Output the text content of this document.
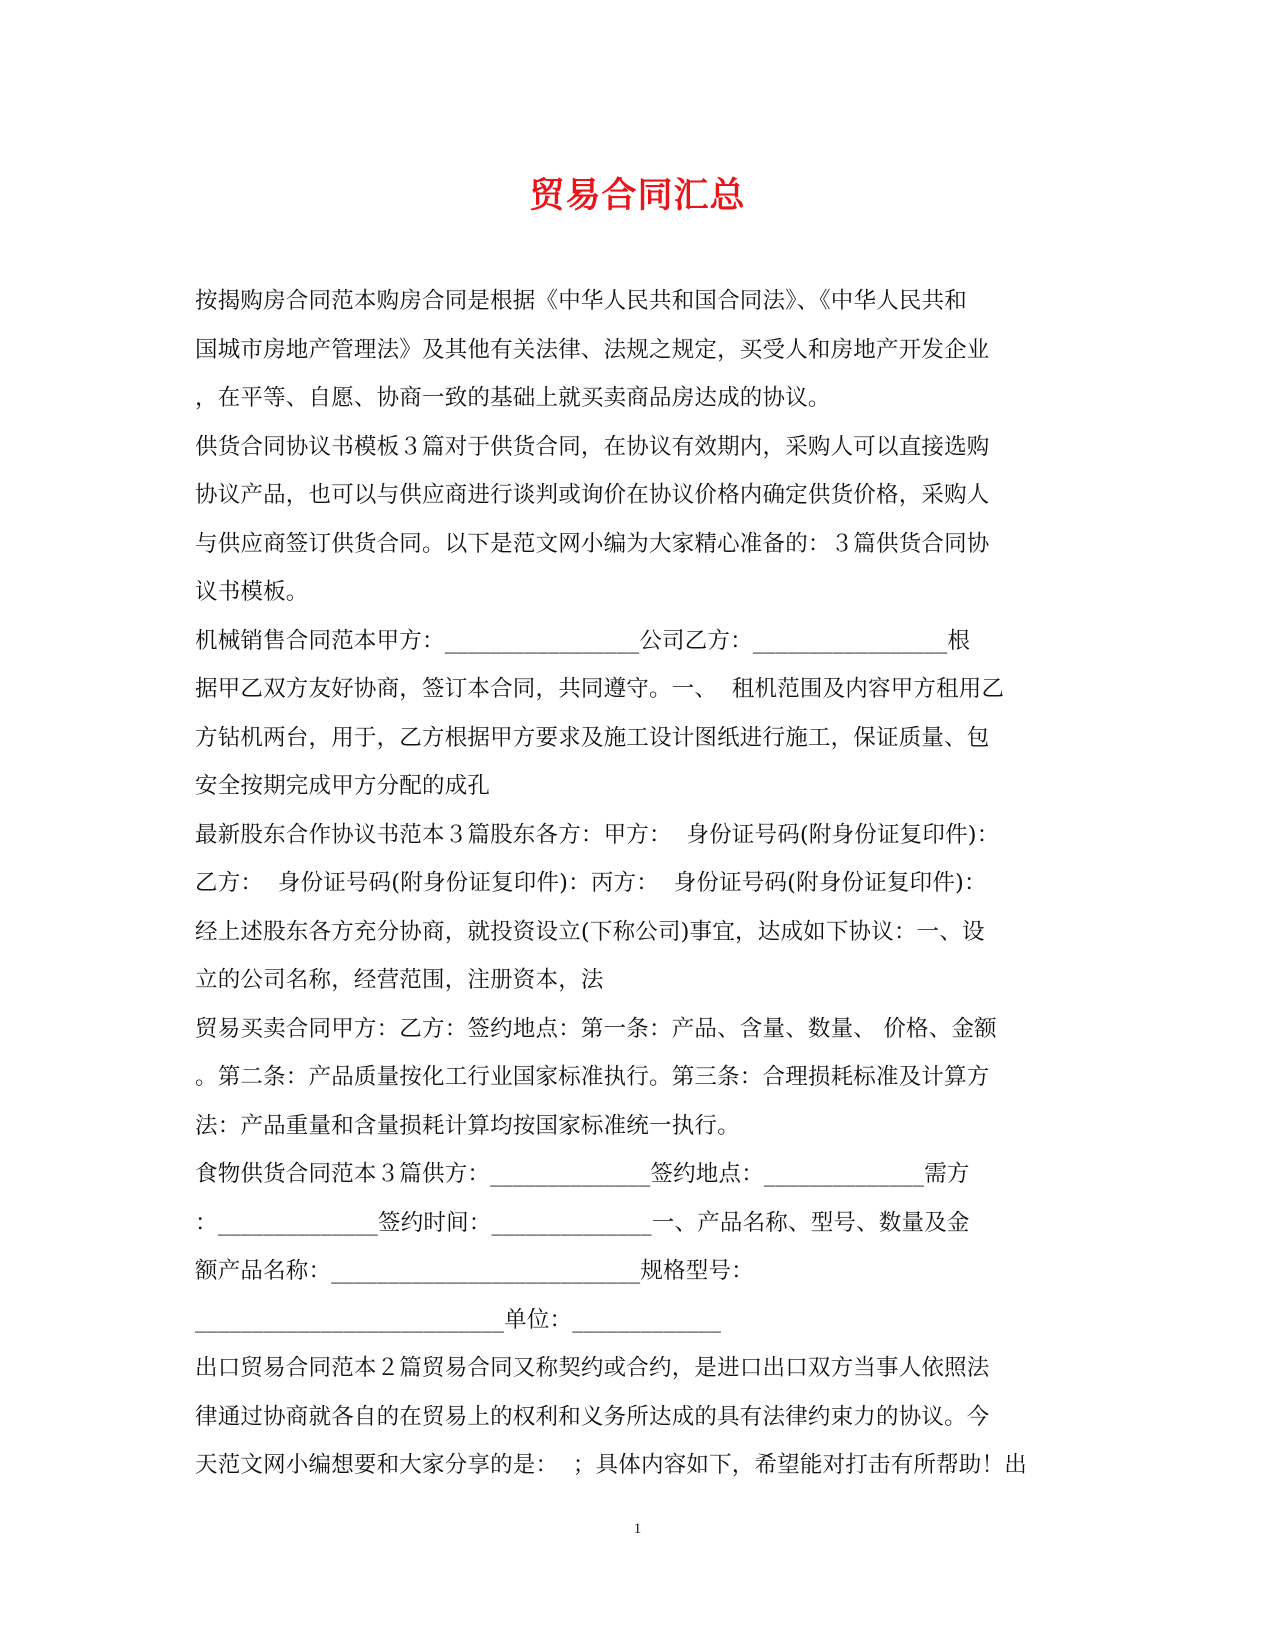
贸易合同汇总
按揭购房合同范本购房合同是根据《中华人民共和国合同法》、《中华人民共和
国城市房地产管理法》及其他有关法律、法规之规定，买受人和房地产开发企业
，在平等、自愿、协商一致的基础上就买卖商品房达成的协议。
供货合同协议书模板３篇对于供货合同，在协议有效期内，采购人可以直接选购
协议产品，也可以与供应商进行谈判或询价在协议价格内确定供货价格，采购人
与供应商签订供货合同。以下是范文网小编为大家精心准备的：３篇供货合同协
议书模板。
机械销售合同范本甲方：_________________公司乙方：_________________根
据甲乙双方友好协商，签订本合同，共同遵守。一、  租机范围及内容甲方租用乙
方钻机两台，用于，乙方根据甲方要求及施工设计图纸进行施工，保证质量、包
安全按期完成甲方分配的成孔
最新股东合作协议书范本３篇股东各方：甲方：  身份证号码(附身份证复印件)：
乙方：  身份证号码(附身份证复印件)：丙方：  身份证号码(附身份证复印件)：
经上述股东各方充分协商，就投资设立(下称公司)事宜，达成如下协议：一、设
立的公司名称，经营范围，注册资本，法
贸易买卖合同甲方：乙方：签约地点：第一条：产品、含量、数量、 价格、金额
。第二条：产品质量按化工行业国家标准执行。第三条：合理损耗标准及计算方
法：产品重量和含量损耗计算均按国家标准统一执行。
食物供货合同范本３篇供方：______________签约地点：______________需方
：______________签约时间：______________一、产品名称、型号、数量及金
额产品名称：___________________________规格型号：
___________________________单位：_____________
出口贸易合同范本２篇贸易合同又称契约或合约，是进口出口双方当事人依照法
律通过协商就各自的在贸易上的权利和义务所达成的具有法律约束力的协议。今
天范文网小编想要和大家分享的是：  ；具体内容如下，希望能对打击有所帮助！出
1
